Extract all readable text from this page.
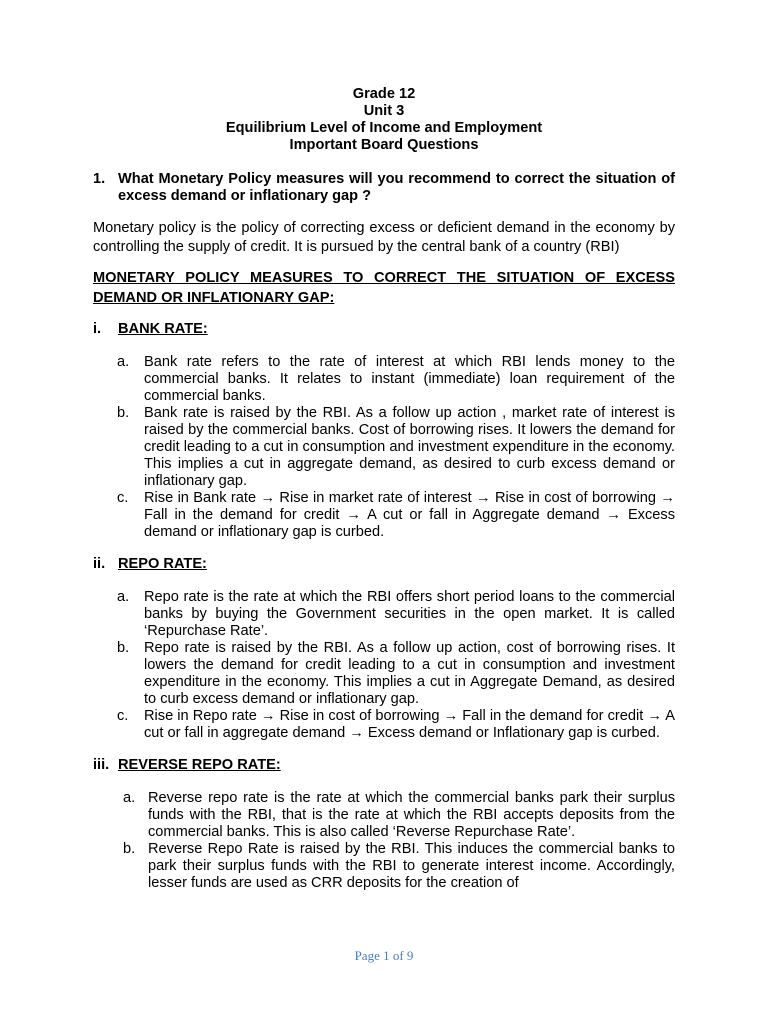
Grade 12
Unit 3
Equilibrium Level of Income and Employment
Important Board Questions
1. What Monetary Policy measures will you recommend to correct the situation of excess demand or inflationary gap ?
Monetary policy is the policy of correcting excess or deficient demand in the economy by controlling the supply of credit. It is pursued by the central bank of a country (RBI)
MONETARY POLICY MEASURES TO CORRECT THE SITUATION OF EXCESS DEMAND OR INFLATIONARY GAP:
i.	BANK RATE:
a.	Bank rate refers to the rate of interest at which RBI lends money to the commercial banks. It relates to instant (immediate) loan requirement of the commercial banks.
b.	Bank rate is raised by the RBI. As a follow up action , market rate of interest is raised by the commercial banks. Cost of borrowing rises. It lowers the demand for credit leading to a cut in consumption and investment expenditure in the economy. This implies a cut in aggregate demand, as desired to curb excess demand or inflationary gap.
c.	Rise in Bank rate → Rise in market rate of interest → Rise in cost of borrowing → Fall in the demand for credit → A cut or fall in Aggregate demand → Excess demand or inflationary gap is curbed.
ii. REPO RATE:
a.	Repo rate is the rate at which the RBI offers short period loans to the commercial banks by buying the Government securities in the open market. It is called ‘Repurchase Rate’.
b.	Repo rate is raised by the RBI. As a follow up action, cost of borrowing rises. It lowers the demand for credit leading to a cut in consumption and investment expenditure in the economy. This implies a cut in Aggregate Demand, as desired to curb excess demand or inflationary gap.
c.	Rise in Repo rate → Rise in cost of borrowing → Fall in the demand for credit → A cut or fall in aggregate demand → Excess demand or Inflationary gap is curbed.
iii. REVERSE REPO RATE:
a. Reverse repo rate is the rate at which the commercial banks park their surplus funds with the RBI, that is the rate at which the RBI accepts deposits from the commercial banks. This is also called ‘Reverse Repurchase Rate’.
b. Reverse Repo Rate is raised by the RBI. This induces the commercial banks to park their surplus funds with the RBI to generate interest income. Accordingly, lesser funds are used as CRR deposits for the creation of
Page 1 of 9
